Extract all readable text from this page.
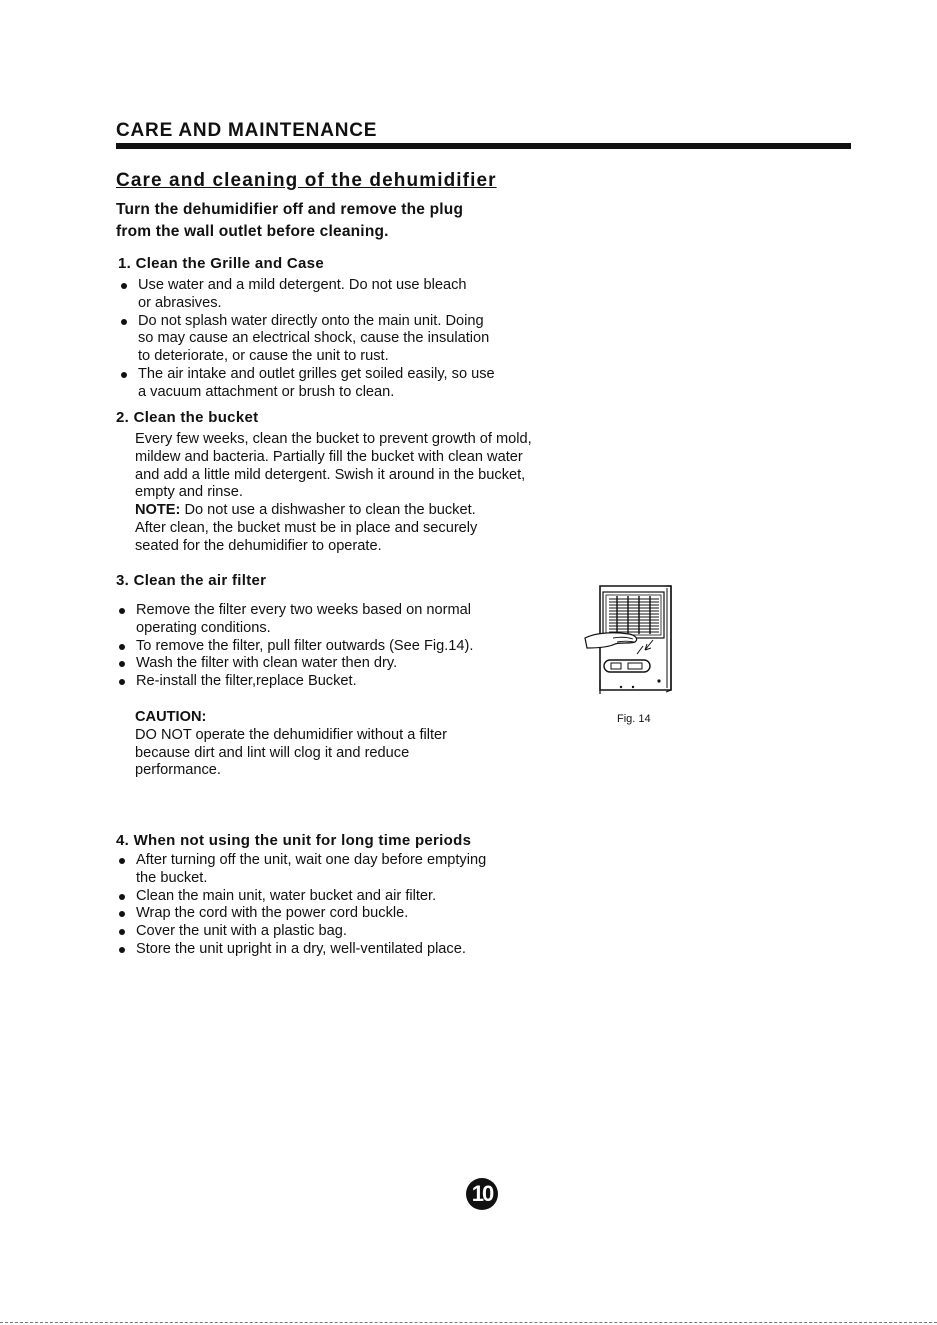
CARE AND MAINTENANCE
Care and cleaning of the dehumidifier
Turn the dehumidifier off and remove the plug
from the wall outlet before cleaning.
1. Clean the Grille and Case
Use water and a mild detergent. Do not use bleach
or abrasives.
Do not splash water directly onto the main unit. Doing
so may cause an electrical shock, cause the insulation
to deteriorate, or cause the unit to rust.
The air intake and outlet grilles get soiled easily, so use
a vacuum attachment or brush to clean.
2. Clean the bucket
Every few weeks, clean the bucket to prevent growth of mold,
mildew and bacteria. Partially fill the bucket with clean water
and add a little mild detergent. Swish it around in the bucket,
empty and rinse.
NOTE: Do not use a dishwasher to clean the bucket.
After clean, the bucket must be in place and securely
seated for the dehumidifier to operate.
3. Clean the air filter
Remove the filter every two weeks based on normal
operating conditions.
To remove the filter, pull filter outwards (See Fig.14).
Wash the filter with clean water then dry.
Re-install the filter,replace Bucket.
CAUTION:
DO NOT operate the dehumidifier without a filter
because dirt and lint will clog it and reduce
performance.
Fig. 14
4. When not using the unit for long time periods
After turning off the unit, wait one day before emptying
the bucket.
Clean the main unit, water bucket and air filter.
Wrap the cord with the power cord buckle.
Cover the unit with a plastic bag.
Store the unit upright in a dry, well-ventilated place.
10
